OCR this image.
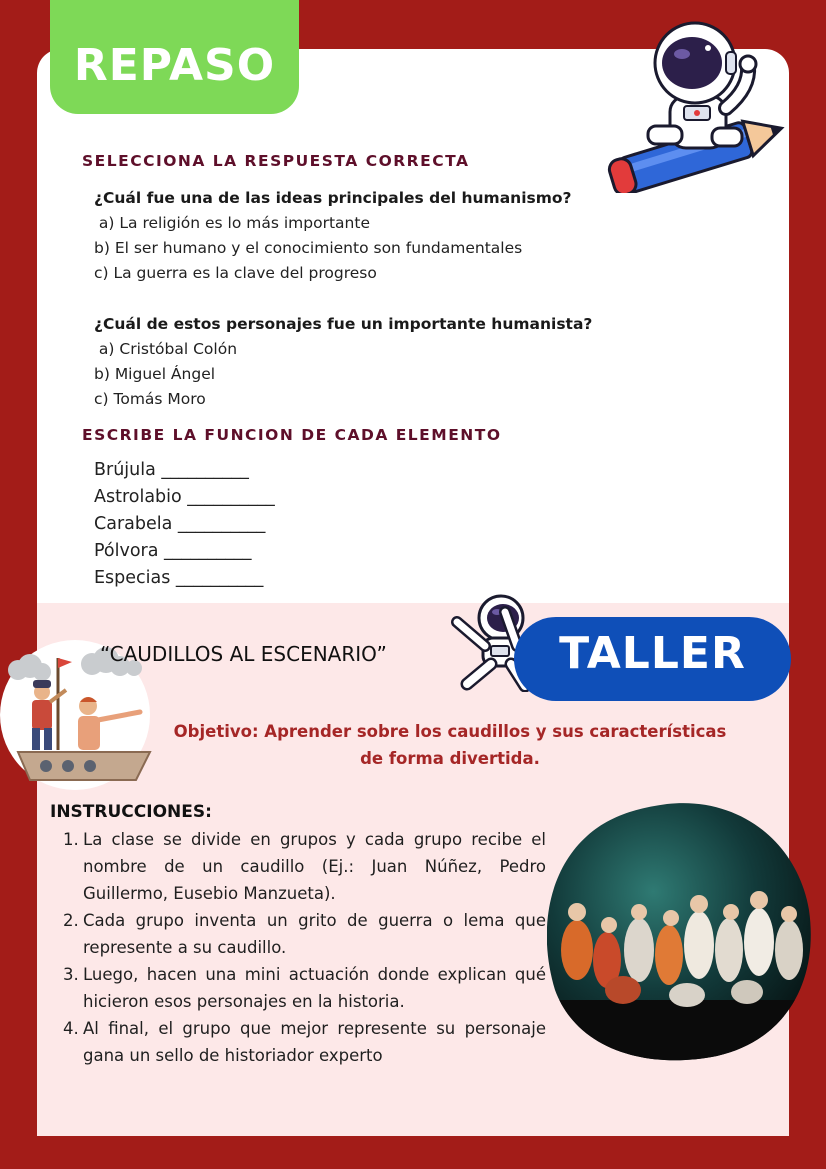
REPASO
SELECCIONA LA RESPUESTA CORRECTA
¿Cuál fue una de las ideas principales del humanismo?
a) La religión es lo más importante
b) El ser humano y el conocimiento son fundamentales
c) La guerra es la clave del progreso
¿Cuál de estos personajes fue un importante humanista?
a) Cristóbal Colón
b) Miguel Ángel
c) Tomás Moro
ESCRIBE LA FUNCION DE CADA ELEMENTO
Brújula __________
Astrolabio __________
Carabela __________
Pólvora __________
Especias __________
“CAUDILLOS AL ESCENARIO”	TALLER
Objetivo: Aprender sobre los caudillos y sus características de forma divertida.
INSTRUCCIONES:
1. La clase se divide en grupos y cada grupo recibe el nombre de un caudillo (Ej.: Juan Núñez, Pedro Guillermo, Eusebio Manzueta).
2. Cada grupo inventa un grito de guerra o lema que represente a su caudillo.
3. Luego, hacen una mini actuación donde explican qué hicieron esos personajes en la historia.
4. Al final, el grupo que mejor represente su personaje gana un sello de historiador experto
